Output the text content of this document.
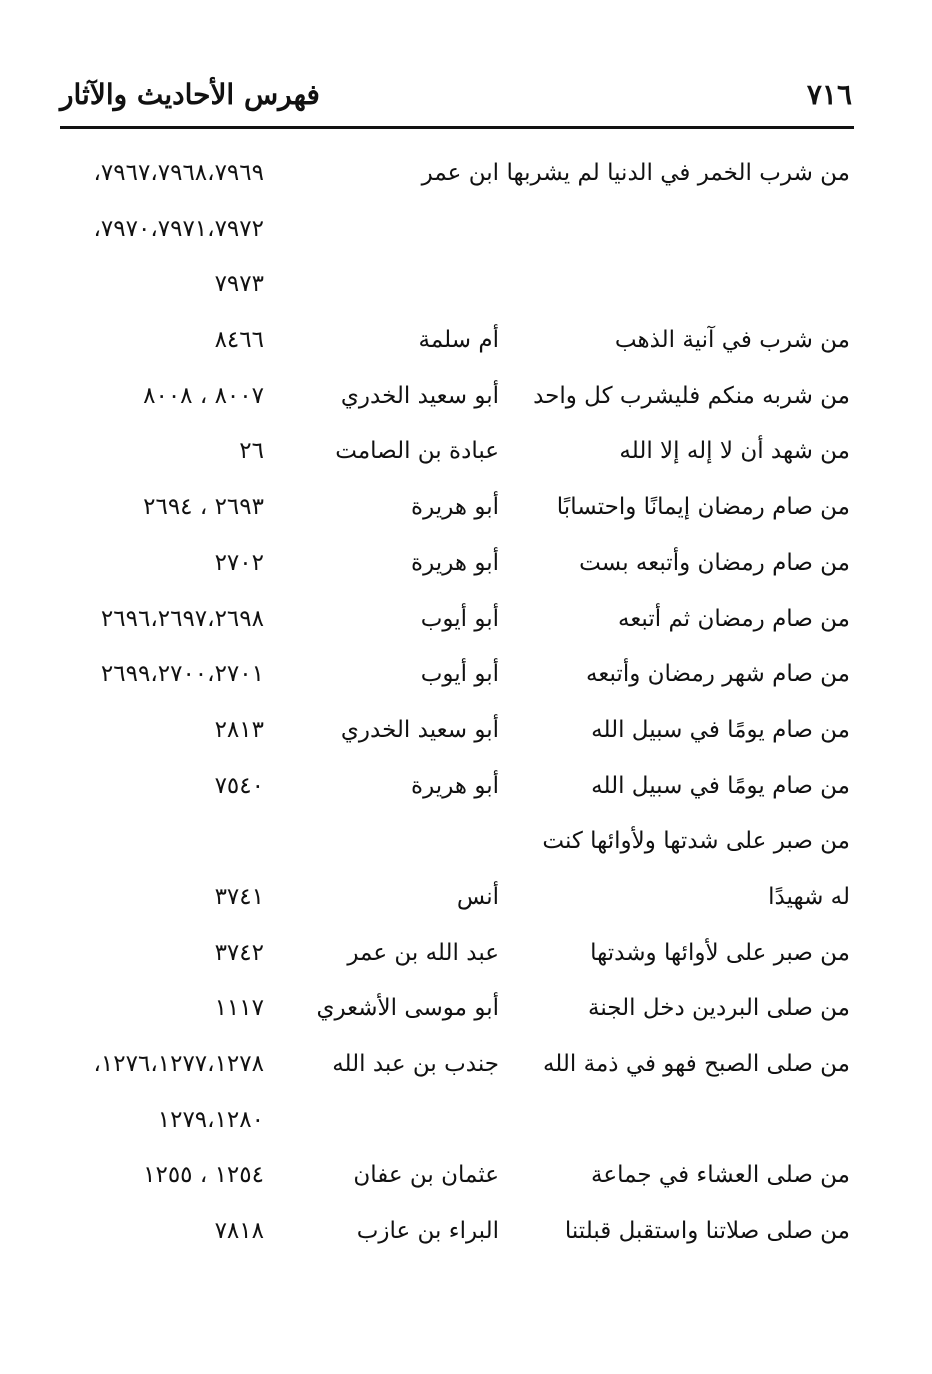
٧١٦
فهرس الأحاديث والآثار
من شرب الخمر في الدنيا لم يشربها
ابن عمر
٧٩٦٧،٧٩٦٨،٧٩٦٩،
٧٩٧٠،٧٩٧١،٧٩٧٢،
٧٩٧٣
من شرب في آنية الذهب
أم سلمة
٨٤٦٦
من شربه منكم فليشرب كل واحد
أبو سعيد الخدري
٨٠٠٧ ، ٨٠٠٨
من شهد أن لا إله إلا الله
عبادة بن الصامت
٢٦
من صام رمضان إيمانًا واحتسابًا
أبو هريرة
٢٦٩٣ ، ٢٦٩٤
من صام رمضان وأتبعه بست
أبو هريرة
٢٧٠٢
من صام رمضان ثم أتبعه
أبو أيوب
٢٦٩٦،٢٦٩٧،٢٦٩٨
من صام شهر رمضان وأتبعه
أبو أيوب
٢٦٩٩،٢٧٠٠،٢٧٠١
من صام يومًا في سبيل الله
أبو سعيد الخدري
٢٨١٣
من صام يومًا في سبيل الله
أبو هريرة
٧٥٤٠
من صبر على شدتها ولأوائها كنت
له شهيدًا
أنس
٣٧٤١
من صبر على لأوائها وشدتها
عبد الله بن عمر
٣٧٤٢
من صلى البردين دخل الجنة
أبو موسى الأشعري
١١١٧
من صلى الصبح فهو في ذمة الله
جندب بن عبد الله
١٢٧٦،١٢٧٧،١٢٧٨،
١٢٧٩،١٢٨٠
من صلى العشاء في جماعة
عثمان بن عفان
١٢٥٤ ، ١٢٥٥
من صلى صلاتنا واستقبل قبلتنا
البراء بن عازب
٧٨١٨
